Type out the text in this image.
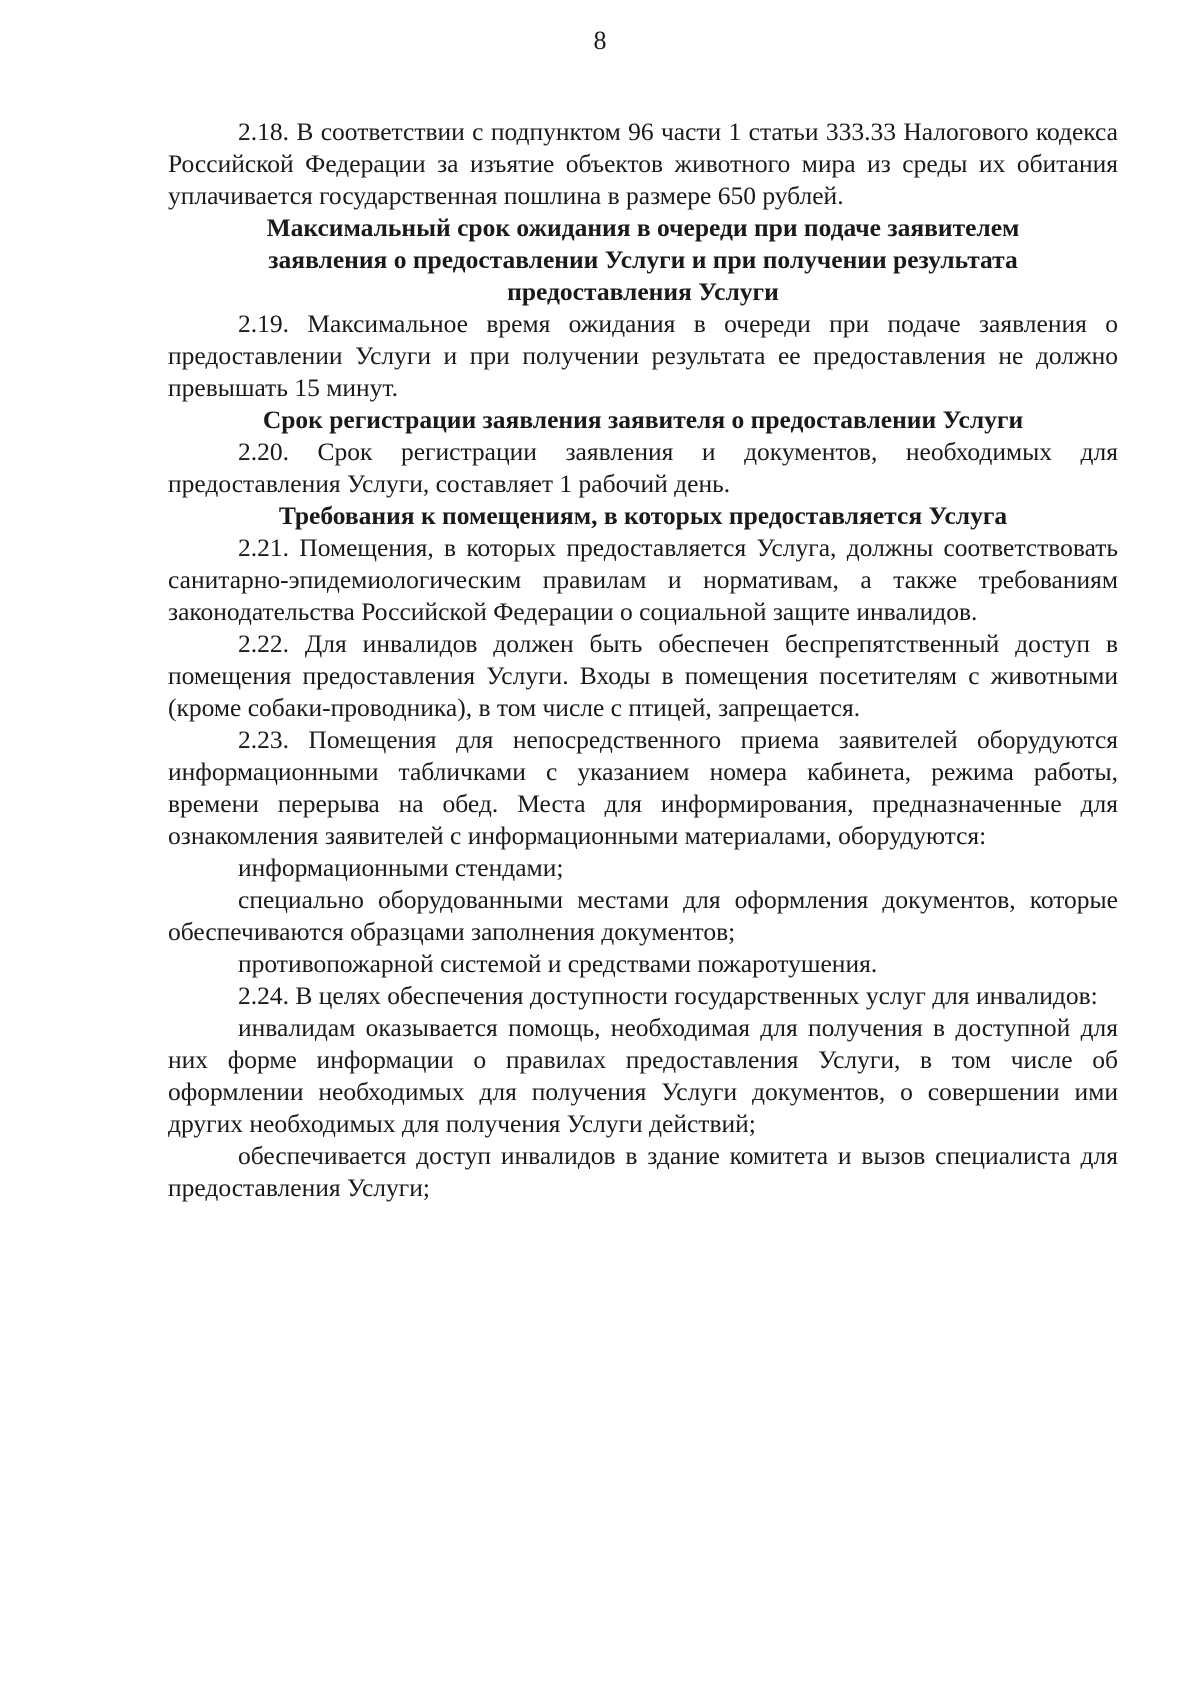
8

2.18. В соответствии с подпунктом 96 части 1 статьи 333.33 Налогового кодекса Российской Федерации за изъятие объектов животного мира из среды их обитания уплачивается государственная пошлина в размере 650 рублей.

Максимальный срок ожидания в очереди при подаче заявителем заявления о предоставлении Услуги и при получении результата предоставления Услуги

2.19. Максимальное время ожидания в очереди при подаче заявления о предоставлении Услуги и при получении результата ее предоставления не должно превышать 15 минут.

Срок регистрации заявления заявителя о предоставлении Услуги

2.20. Срок регистрации заявления и документов, необходимых для предоставления Услуги, составляет 1 рабочий день.

Требования к помещениям, в которых предоставляется Услуга

2.21. Помещения, в которых предоставляется Услуга, должны соответствовать санитарно-эпидемиологическим правилам и нормативам, а также требованиям законодательства Российской Федерации о социальной защите инвалидов.

2.22. Для инвалидов должен быть обеспечен беспрепятственный доступ в помещения предоставления Услуги. Входы в помещения посетителям с животными (кроме собаки-проводника), в том числе с птицей, запрещается.

2.23. Помещения для непосредственного приема заявителей оборудуются информационными табличками с указанием номера кабинета, режима работы, времени перерыва на обед. Места для информирования, предназначенные для ознакомления заявителей с информационными материалами, оборудуются:

информационными стендами;

специально оборудованными местами для оформления документов, которые обеспечиваются образцами заполнения документов;

противопожарной системой и средствами пожаротушения.

2.24. В целях обеспечения доступности государственных услуг для инвалидов:

инвалидам оказывается помощь, необходимая для получения в доступной для них форме информации о правилах предоставления Услуги, в том числе об оформлении необходимых для получения Услуги документов, о совершении ими других необходимых для получения Услуги действий;

обеспечивается доступ инвалидов в здание комитета и вызов специалиста для предоставления Услуги;
